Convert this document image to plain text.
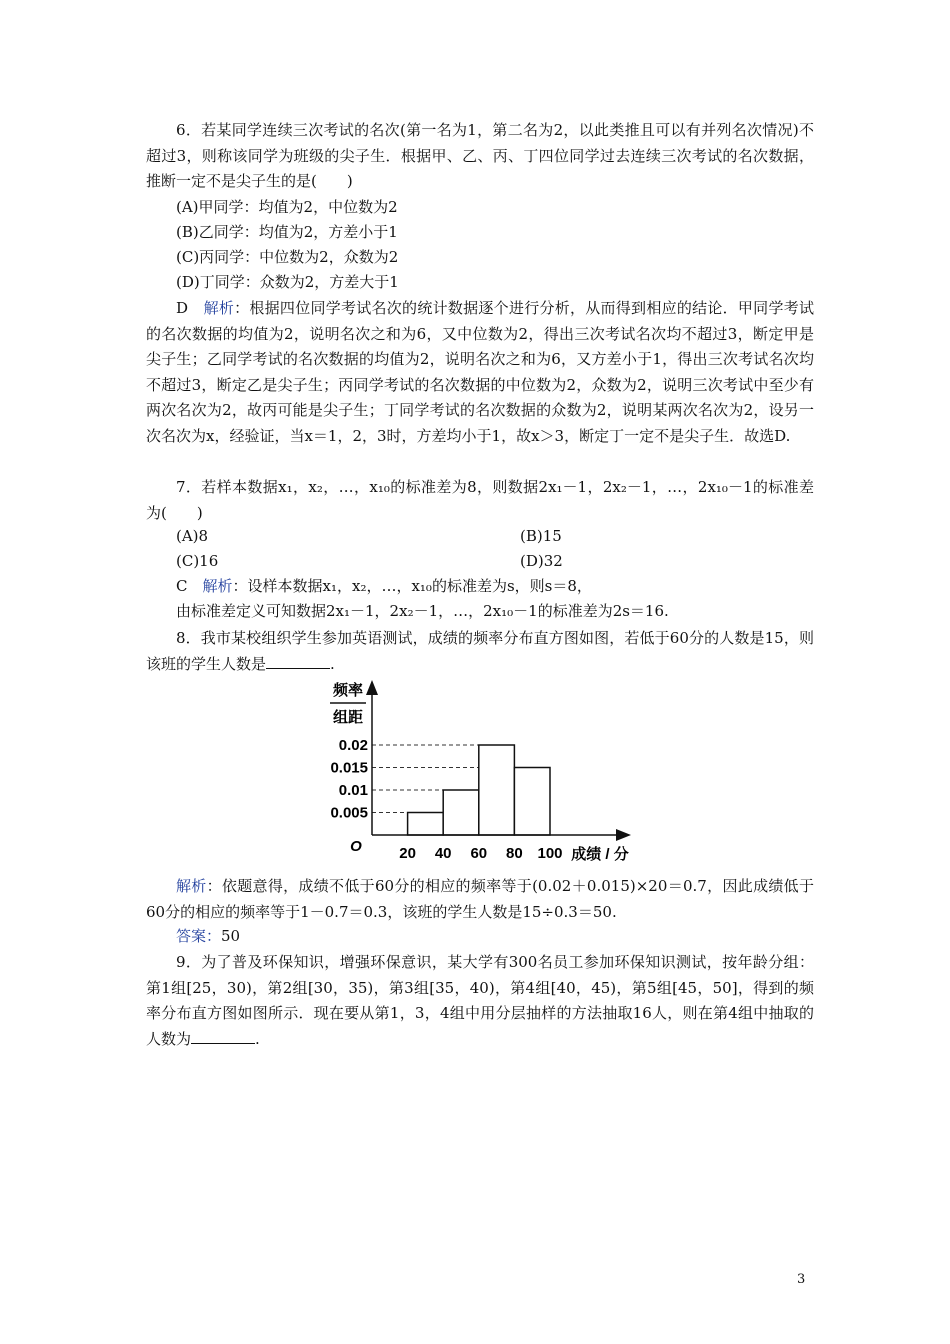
6．若某同学连续三次考试的名次(第一名为1，第二名为2，以此类推且可以有并列名次情况)不超过3，则称该同学为班级的尖子生．根据甲、乙、丙、丁四位同学过去连续三次考试的名次数据，推断一定不是尖子生的是(　　)

(A)甲同学：均值为2，中位数为2

(B)乙同学：均值为2，方差小于1

(C)丙同学：中位数为2，众数为2

(D)丁同学：众数为2，方差大于1

D　 解析：根据四位同学考试名次的统计数据逐个进行分析，从而得到相应的结论．甲同学考试的名次数据的均值为2，说明名次之和为6，又中位数为2，得出三次考试名次均不超过3，断定甲是尖子生；乙同学考试的名次数据的均值为2，说明名次之和为6，又方差小于1，得出三次考试名次均不超过3，断定乙是尖子生；丙同学考试的名次数据的中位数为2，众数为2，说明三次考试中至少有两次名次为2，故丙可能是尖子生；丁同学考试的名次数据的众数为2，说明某两次名次为2，设另一次名次为x，经验证，当x＝1，2，3时，方差均小于1，故x＞3，断定丁一定不是尖子生．故选D.

7．若样本数据x₁，x₂，…，x₁₀的标准差为8，则数据2x₁－1，2x₂－1，…，2x₁₀－1的标准差为(　　)

(A)8	(B)15

(C)16	(D)32

C　 解析：设样本数据x₁，x₂，…，x₁₀的标准差为s，则s＝8，

由标准差定义可知数据2x₁－1，2x₂－1，…，2x₁₀－1的标准差为2s＝16.

8．我市某校组织学生参加英语测试，成绩的频率分布直方图如图，若低于60分的人数是15，则该班的学生人数是	.

0.005
0.01
0.015
0.02
20 40 60 80 100
O
频率
组距
成绩 / 分

解析：依题意得，成绩不低于60分的相应的频率等于(0.02＋0.015)×20＝0.7，因此成绩低于60分的相应的频率等于1－0.7＝0.3，该班的学生人数是15÷0.3＝50.

答案：50

9．为了普及环保知识，增强环保意识，某大学有300名员工参加环保知识测试，按年龄分组：第1组[25，30)，第2组[30，35)，第3组[35，40)，第4组[40，45)，第5组[45，50]，得到的频率分布直方图如图所示．现在要从第1，3，4组中用分层抽样的方法抽取16人，则在第4组中抽取的人数为	.

3
